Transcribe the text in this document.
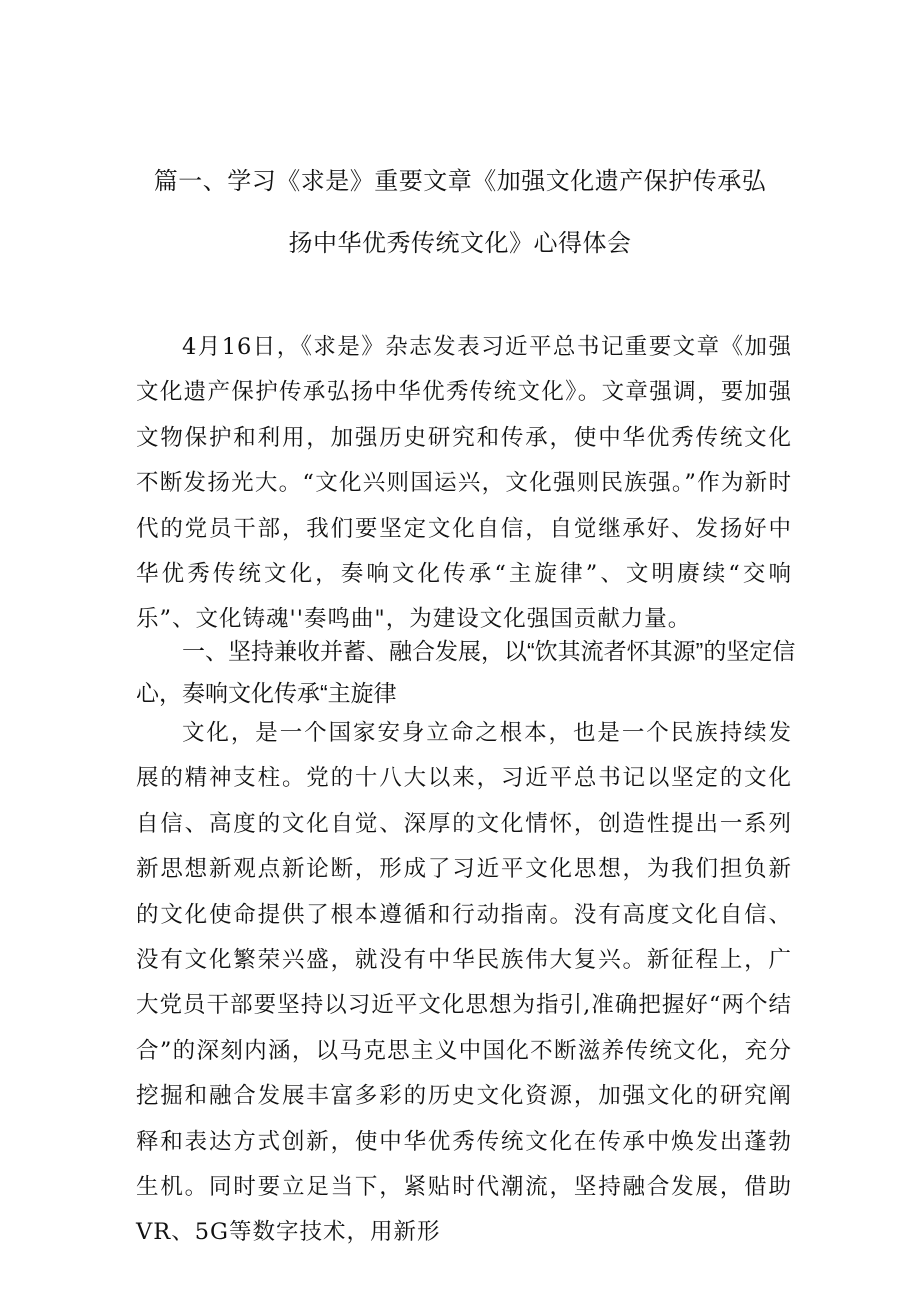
篇一、学习《求是》重要文章《加强文化遗产保护传承弘
扬中华优秀传统文化》心得体会

4月16日，《求是》杂志发表习近平总书记重要文章《加强文化遗产保护传承弘扬中华优秀传统文化》。文章强调，要加强文物保护和利用，加强历史研究和传承，使中华优秀传统文化不断发扬光大。“文化兴则国运兴，文化强则民族强。”作为新时代的党员干部，我们要坚定文化自信，自觉继承好、发扬好中华优秀传统文化，奏响文化传承“主旋律”、文明赓续“交响乐”、文化铸魂''奏鸣曲"，为建设文化强国贡献力量。

一、坚持兼收并蓄、融合发展，以“饮其流者怀其源”的坚定信心，奏响文化传承“主旋律

文化，是一个国家安身立命之根本，也是一个民族持续发展的精神支柱。党的十八大以来，习近平总书记以坚定的文化自信、高度的文化自觉、深厚的文化情怀，创造性提出一系列新思想新观点新论断，形成了习近平文化思想，为我们担负新的文化使命提供了根本遵循和行动指南。没有高度文化自信、没有文化繁荣兴盛，就没有中华民族伟大复兴。新征程上，广大党员干部要坚持以习近平文化思想为指引,准确把握好“两个结合”的深刻内涵，以马克思主义中国化不断滋养传统文化，充分挖掘和融合发展丰富多彩的历史文化资源，加强文化的研究阐释和表达方式创新，使中华优秀传统文化在传承中焕发出蓬勃生机。同时要立足当下，紧贴时代潮流，坚持融合发展，借助VR、5G等数字技术，用新形
